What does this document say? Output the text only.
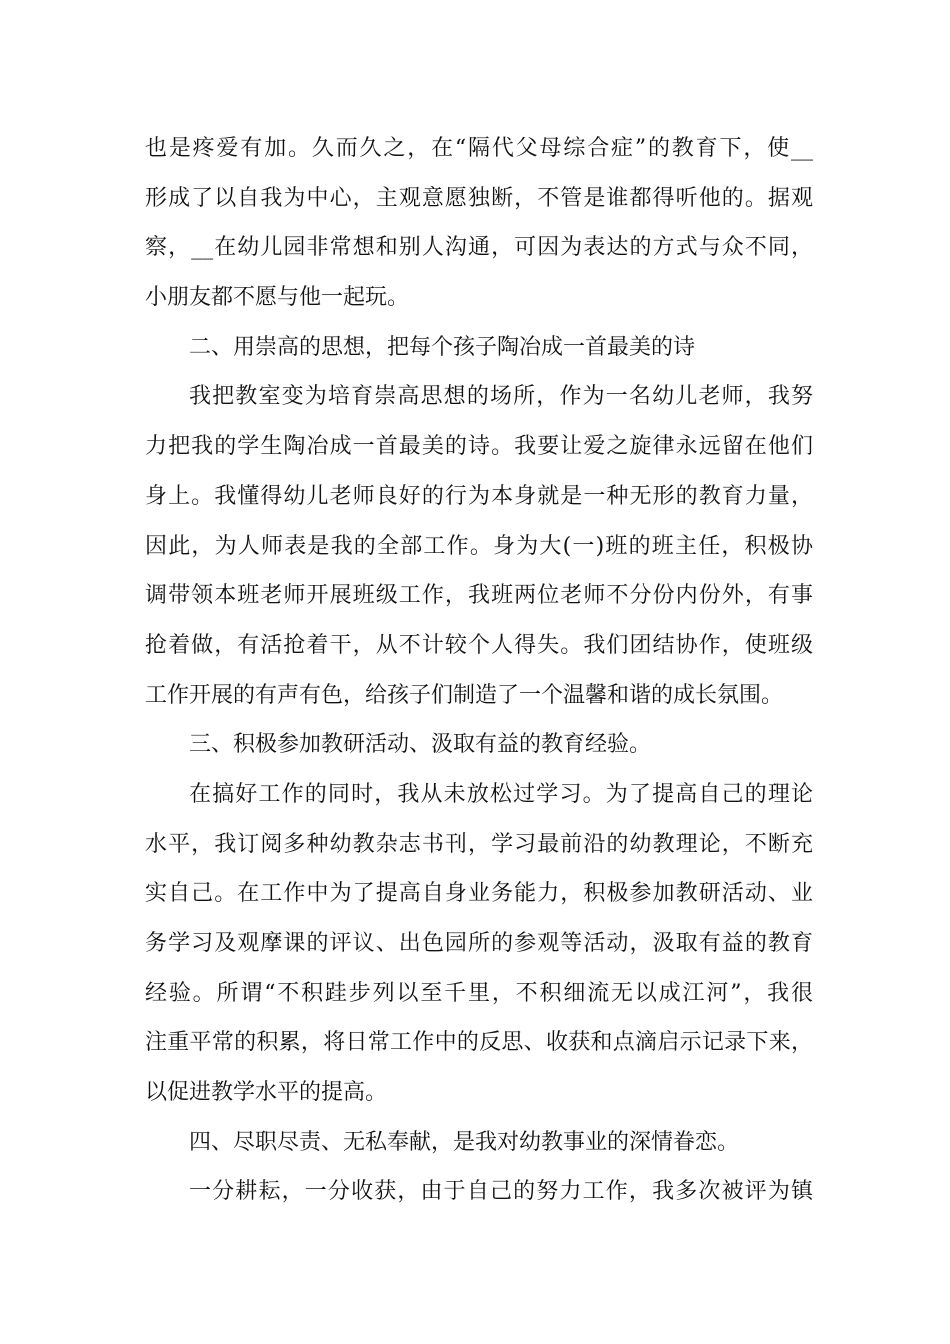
也是疼爱有加。久而久之，在“隔代父母综合症”的教育下，使__
形成了以自我为中心，主观意愿独断，不管是谁都得听他的。据观
察，__在幼儿园非常想和别人沟通，可因为表达的方式与众不同，
小朋友都不愿与他一起玩。
二、用崇高的思想，把每个孩子陶冶成一首最美的诗
我把教室变为培育崇高思想的场所，作为一名幼儿老师，我努
力把我的学生陶冶成一首最美的诗。我要让爱之旋律永远留在他们
身上。我懂得幼儿老师良好的行为本身就是一种无形的教育力量，
因此，为人师表是我的全部工作。身为大(一)班的班主任，积极协
调带领本班老师开展班级工作，我班两位老师不分份内份外，有事
抢着做，有活抢着干，从不计较个人得失。我们团结协作，使班级
工作开展的有声有色，给孩子们制造了一个温馨和谐的成长氛围。
三、积极参加教研活动、汲取有益的教育经验。
在搞好工作的同时，我从未放松过学习。为了提高自己的理论
水平，我订阅多种幼教杂志书刊，学习最前沿的幼教理论，不断充
实自己。在工作中为了提高自身业务能力，积极参加教研活动、业
务学习及观摩课的评议、出色园所的参观等活动，汲取有益的教育
经验。所谓“不积跬步列以至千里，不积细流无以成江河”，我很
注重平常的积累，将日常工作中的反思、收获和点滴启示记录下来，
以促进教学水平的提高。
四、尽职尽责、无私奉献，是我对幼教事业的深情眷恋。
一分耕耘，一分收获，由于自己的努力工作，我多次被评为镇
